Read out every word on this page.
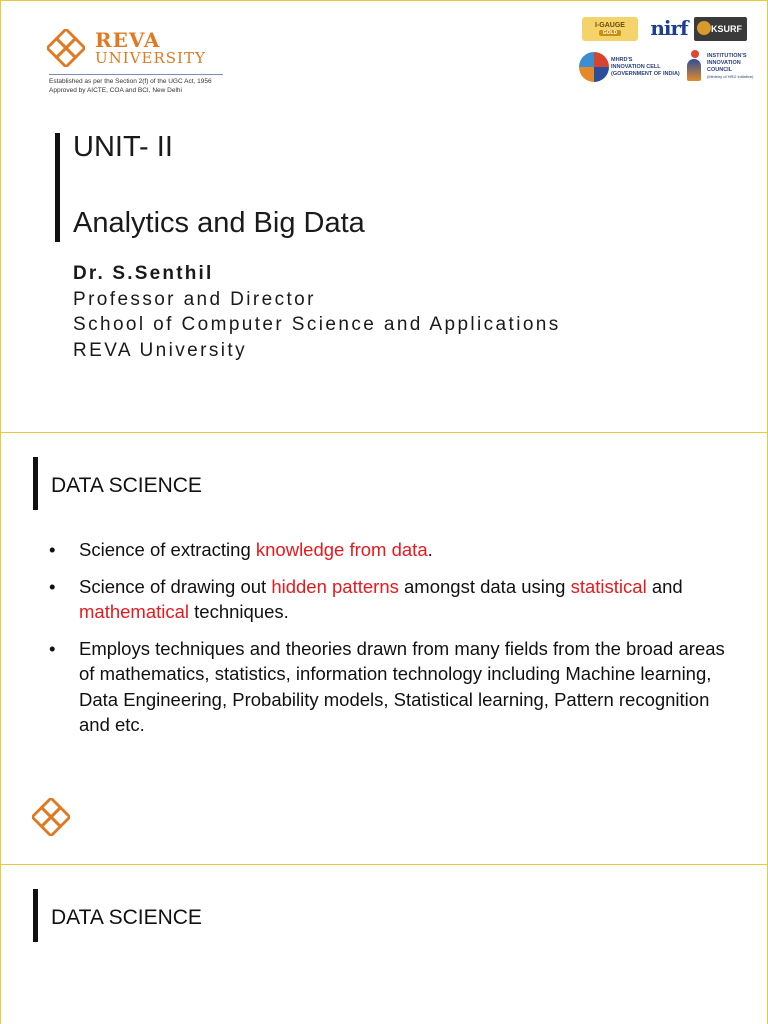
REVA
UNIVERSITY
Established as per the Section 2(f) of the UGC Act, 1956
Approved by AICTE, COA and BCI, New Delhi
I-GAUGE
GOLD nirf	KSURF
MHRD'S
INNOVATION CELL
(GOVERNMENT OF INDIA)
INSTITUTION'S
INNOVATION
COUNCIL
(Ministry of HRD Initiative)
UNIT- II
Analytics and Big Data
Dr. S.Senthil
Professor and Director
School of Computer Science and Applications
REVA University
DATA SCIENCE
• Science of extracting knowledge from data.
• Science of drawing out hidden patterns amongst data using statistical and mathematical techniques.
• Employs techniques and theories drawn from many fields from the broad areas of mathematics, statistics, information technology including Machine learning, Data Engineering, Probability models, Statistical learning, Pattern recognition and etc.
DATA SCIENCE
